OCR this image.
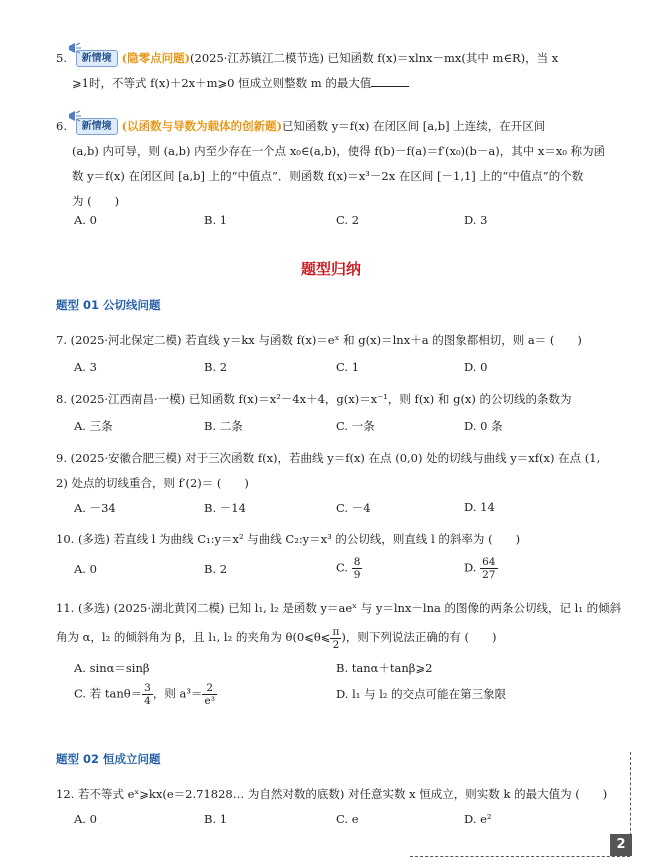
5. 新情境 (隐零点问题)(2025·江苏镇江二模节选) 已知函数 f(x)＝xlnx－mx(其中 m∈R)，当 x
⩾1时，不等式 f(x)＋2x＋m⩾0 恒成立则整数 m 的最大值
6. 新情境 (以函数与导数为载体的创新题)已知函数 y＝f(x) 在闭区间 [a,b] 上连续，在开区间
(a,b) 内可导，则 (a,b) 内至少存在一个点 x₀∈(a,b)，使得 f(b)－f(a)＝f′(x₀)(b－a)，其中 x＝x₀ 称为函
数 y＝f(x) 在闭区间 [a,b] 上的“中值点”．则函数 f(x)＝x³－2x 在区间 [－1,1] 上的“中值点”的个数
为 (　　)
A. 0	B. 1	C. 2	D. 3
题型归纳
题型 01 公切线问题
7. (2025·河北保定二模) 若直线 y＝kx 与函数 f(x)＝eˣ 和 g(x)＝lnx＋a 的图象都相切，则 a＝ (　　)
A. 3	B. 2	C. 1	D. 0
8. (2025·江西南昌·一模) 已知函数 f(x)＝x²－4x＋4，g(x)＝x⁻¹，则 f(x) 和 g(x) 的公切线的条数为
A. 三条	B. 二条	C. 一条	D. 0 条
9. (2025·安徽合肥三模) 对于三次函数 f(x)，若曲线 y＝f(x) 在点 (0,0) 处的切线与曲线 y＝xf(x) 在点 (1,
2) 处点的切线重合，则 f′(2)＝ (　　)
A. －34	B. －14	C. －4	D. 14
10. (多选) 若直线 l 为曲线 C₁:y＝x² 与曲线 C₂:y＝x³ 的公切线，则直线 l 的斜率为 (　　)
A. 0	B. 2	C. $\frac{8}{9}$	D. $\frac{64}{27}$
11. (多选) (2025·湖北黄冈二模) 已知 l₁, l₂ 是函数 y＝aeˣ 与 y＝lnx－lna 的图像的两条公切线，记 l₁ 的倾斜
角为 α，l₂ 的倾斜角为 β，且 l₁, l₂ 的夹角为 θ(0⩽θ⩽ $\frac{\pi}{2}$ )，则下列说法正确的有 (　　)
A. sinα＝sinβ	B. tanα＋tanβ⩾2
C. 若 $\tan\theta= \frac{3}{4}$ ，则 $a^3= \frac{2}{\text{e³}}$	D. l₁ 与 l₂ 的交点可能在第三象限
题型 02 恒成立问题
12. 若不等式 eˣ⩾kx(e＝2.71828… 为自然对数的底数) 对任意实数 x 恒成立，则实数 k 的最大值为 (　　)
A. 0	B. 1	C. e	D. e²
2
